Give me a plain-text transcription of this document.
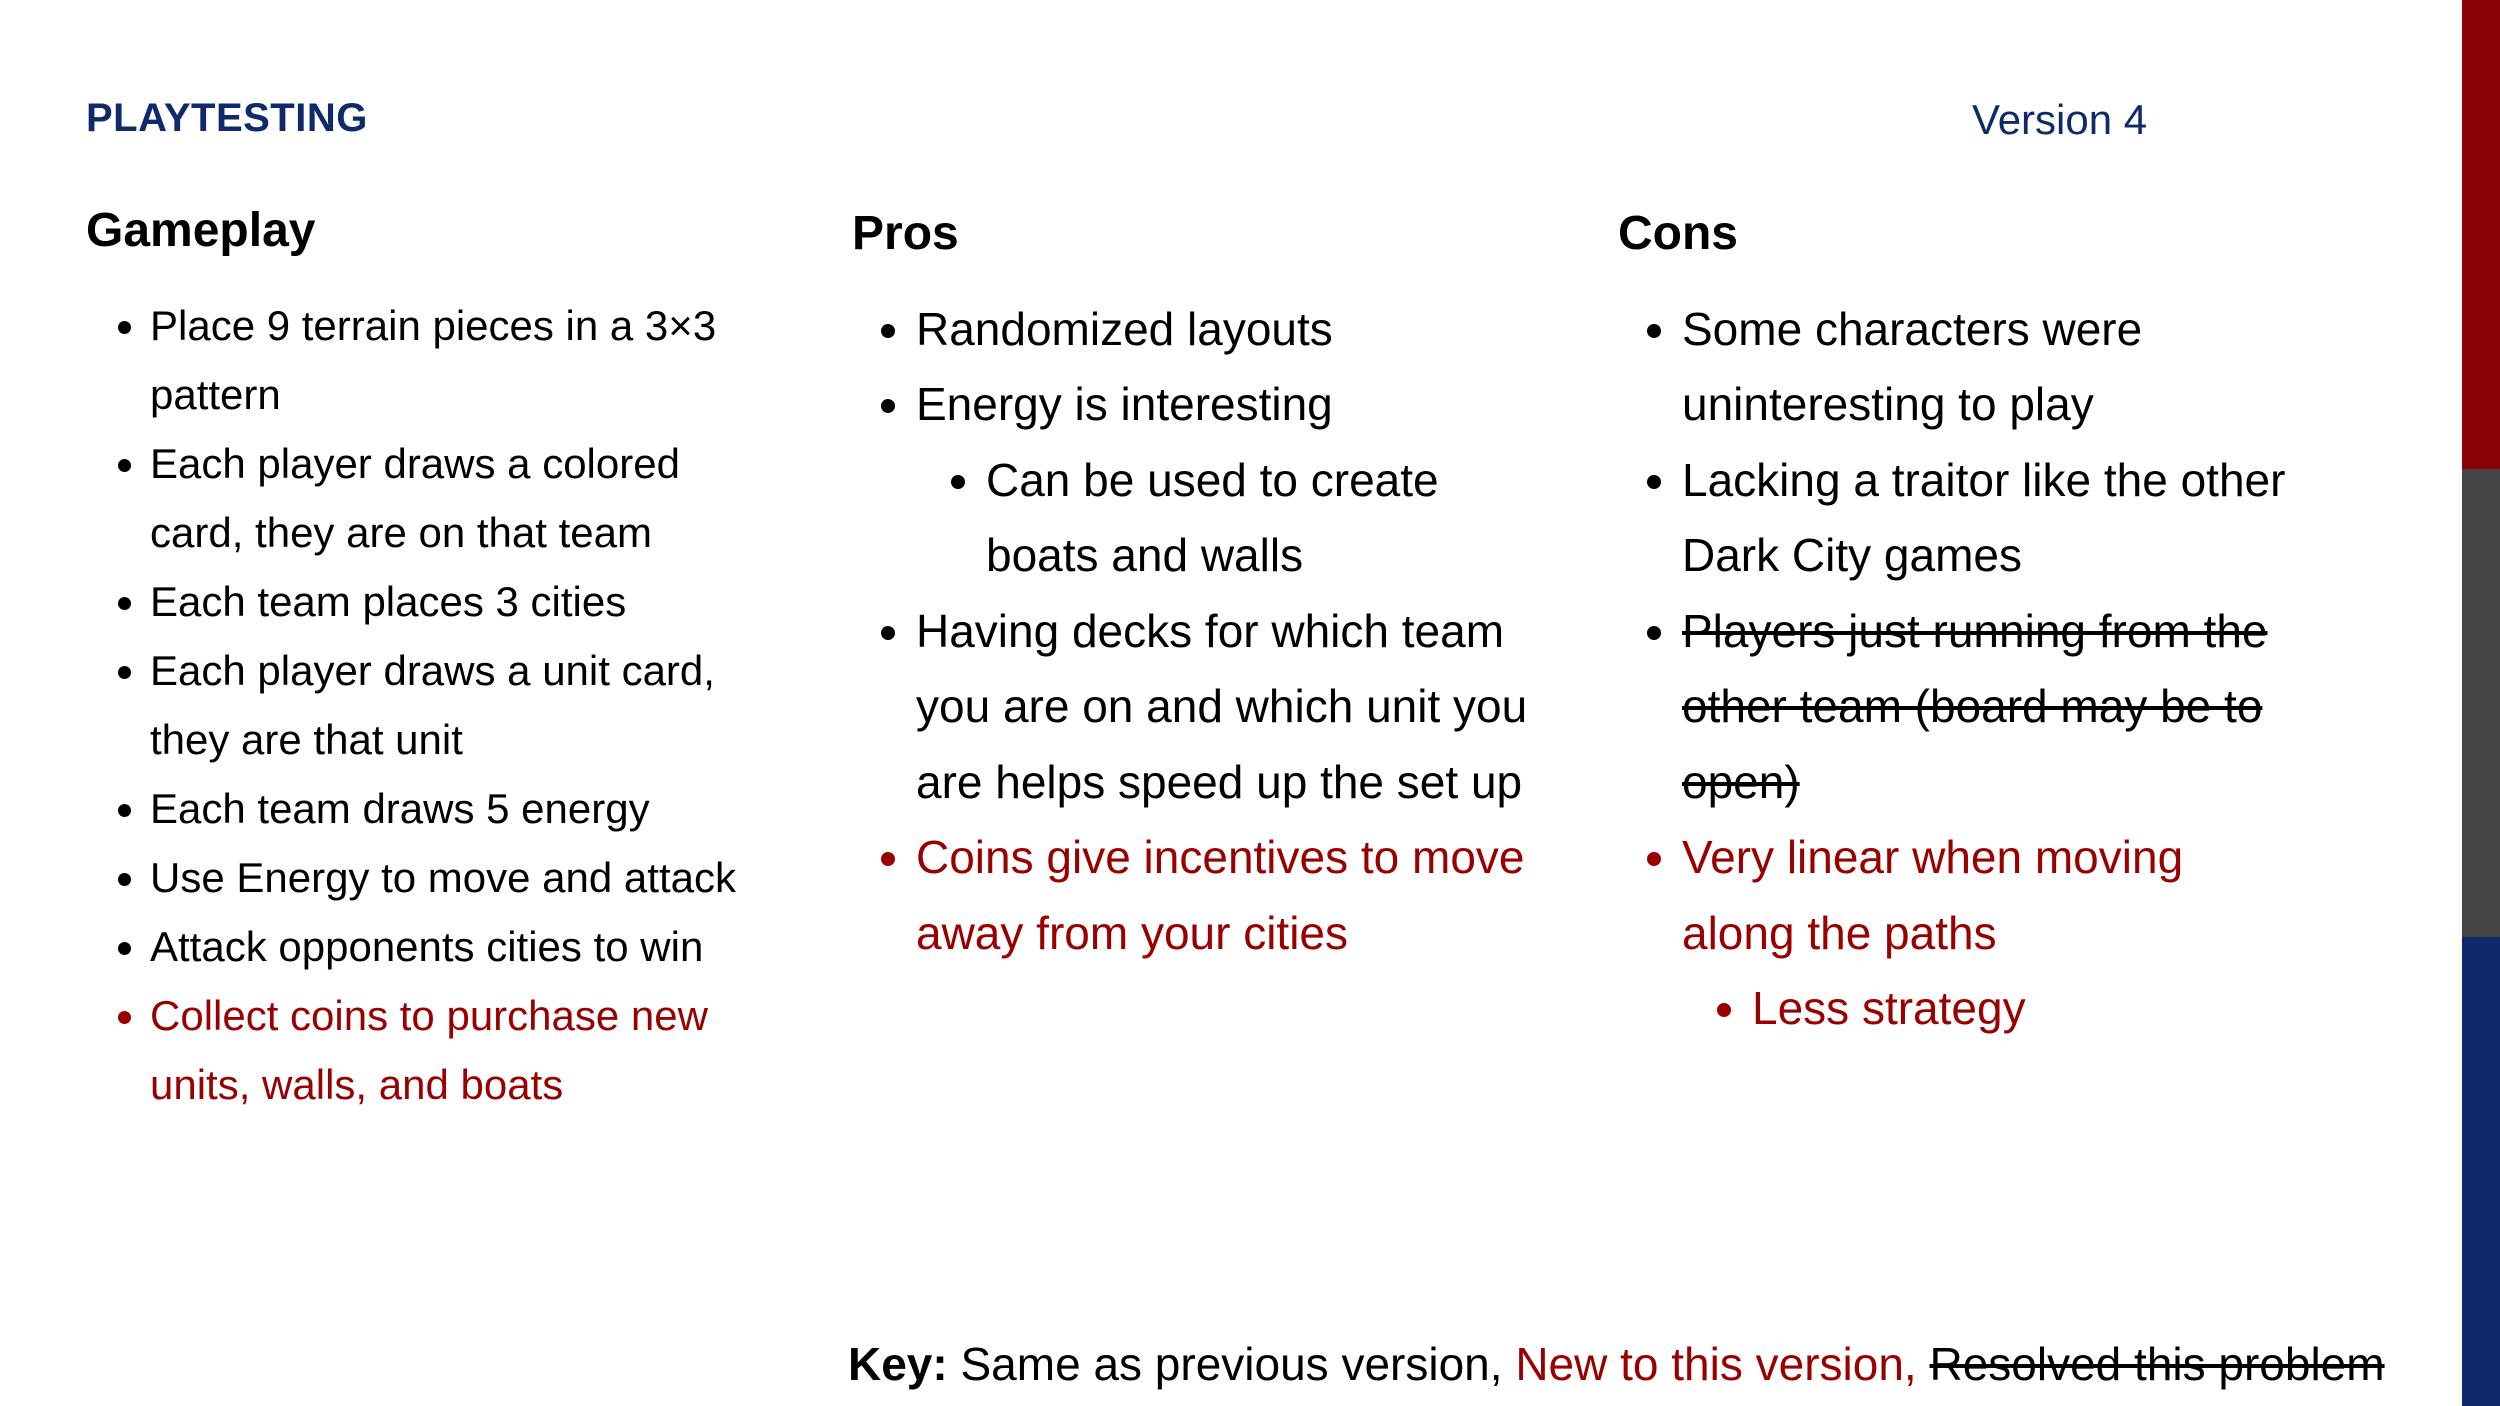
PLAYTESTING	Version 4
Gameplay
• Place 9 terrain pieces in a 3×3 pattern
• Each player draws a colored card, they are on that team
• Each team places 3 cities
• Each player draws a unit card, they are that unit
• Each team draws 5 energy
• Use Energy to move and attack
• Attack opponents cities to win
• Collect coins to purchase new units, walls, and boats
Pros
• Randomized layouts
• Energy is interesting
• Can be used to create boats and walls
• Having decks for which team you are on and which unit you are helps speed up the set up
• Coins give incentives to move away from your cities
Cons
• Some characters were uninteresting to play
• Lacking a traitor like the other Dark City games
• Players just running from the other team (board may be to open)
• Very linear when moving along the paths
• Less strategy
Key: Same as previous version, New to this version, Resolved this problem
